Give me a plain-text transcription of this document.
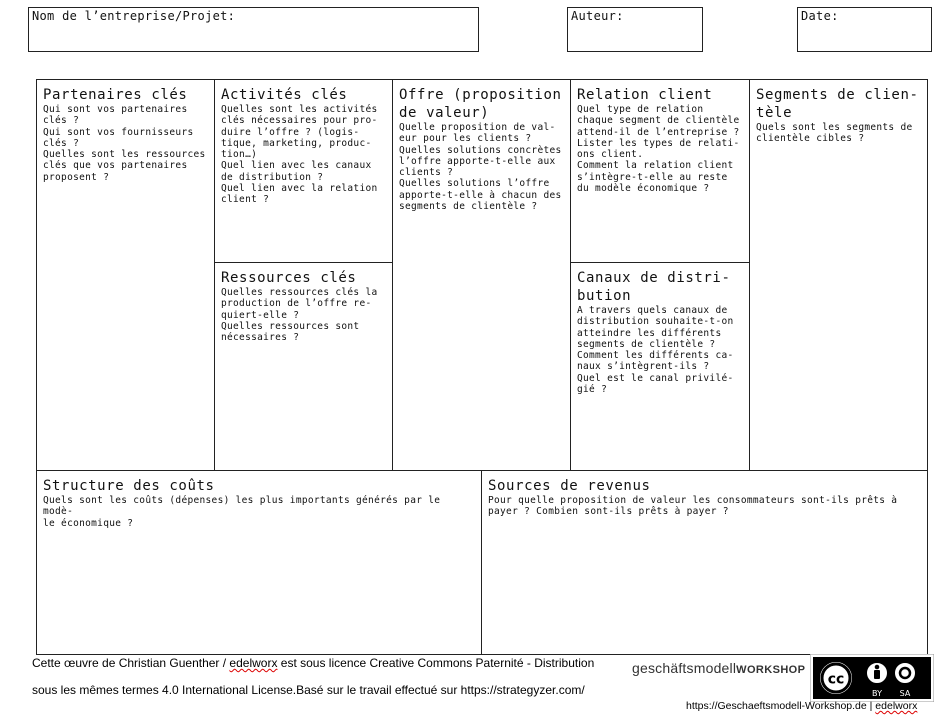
Nom de l’entreprise/Projet:	Auteur:	Date:
Partenaires clés

Qui sont vos partenaires
clés ?
Qui sont vos fournisseurs
clés ?
Quelles sont les ressources
clés que vos partenaires
proposent ?

Activités clés

Quelles sont les activités
clés nécessaires pour pro-
duire l’offre ? (logis-
tique, marketing, produc-
tion…)
Quel lien avec les canaux
de distribution ?
Quel lien avec la relation
client ?

Ressources clés

Quelles ressources clés la
production de l’offre re-
quiert-elle ?
Quelles ressources sont
nécessaires ?

Offre (proposition
de valeur)

Quelle proposition de val-
eur pour les clients ?
Quelles solutions concrètes
l’offre apporte-t-elle aux
clients ?
Quelles solutions l’offre
apporte-t-elle à chacun des
segments de clientèle ?

Relation client

Quel type de relation
chaque segment de clientèle
attend-il de l’entreprise ?
Lister les types de relati-
ons client.
Comment la relation client
s’intègre-t-elle au reste
du modèle économique ?

Canaux de distri-
bution

A travers quels canaux de
distribution souhaite-t-on
atteindre les différents
segments de clientèle ?
Comment les différents ca-
naux s’intègrent-ils ?
Quel est le canal privilé-
gié ?

Segments de clien-
tèle

Quels sont les segments de
clientèle cibles ?

Structure des coûts

Quels sont les coûts (dépenses) les plus importants générés par le modè-
le économique ?

Sources de revenus

Pour quelle proposition de valeur les consommateurs sont-ils prêts à
payer ? Combien sont-ils prêts à payer ?

Cette œuvre de Christian Guenther / edelworx est sous licence Creative Commons Paternité - Distribution
sous les mêmes termes 4.0 International License.Basé sur le travail effectué sur https://strategyzer.com/
geschäftsmodellWORKSHOP
cc
BY SA
https://Geschaeftsmodell-Workshop.de | edelworx
